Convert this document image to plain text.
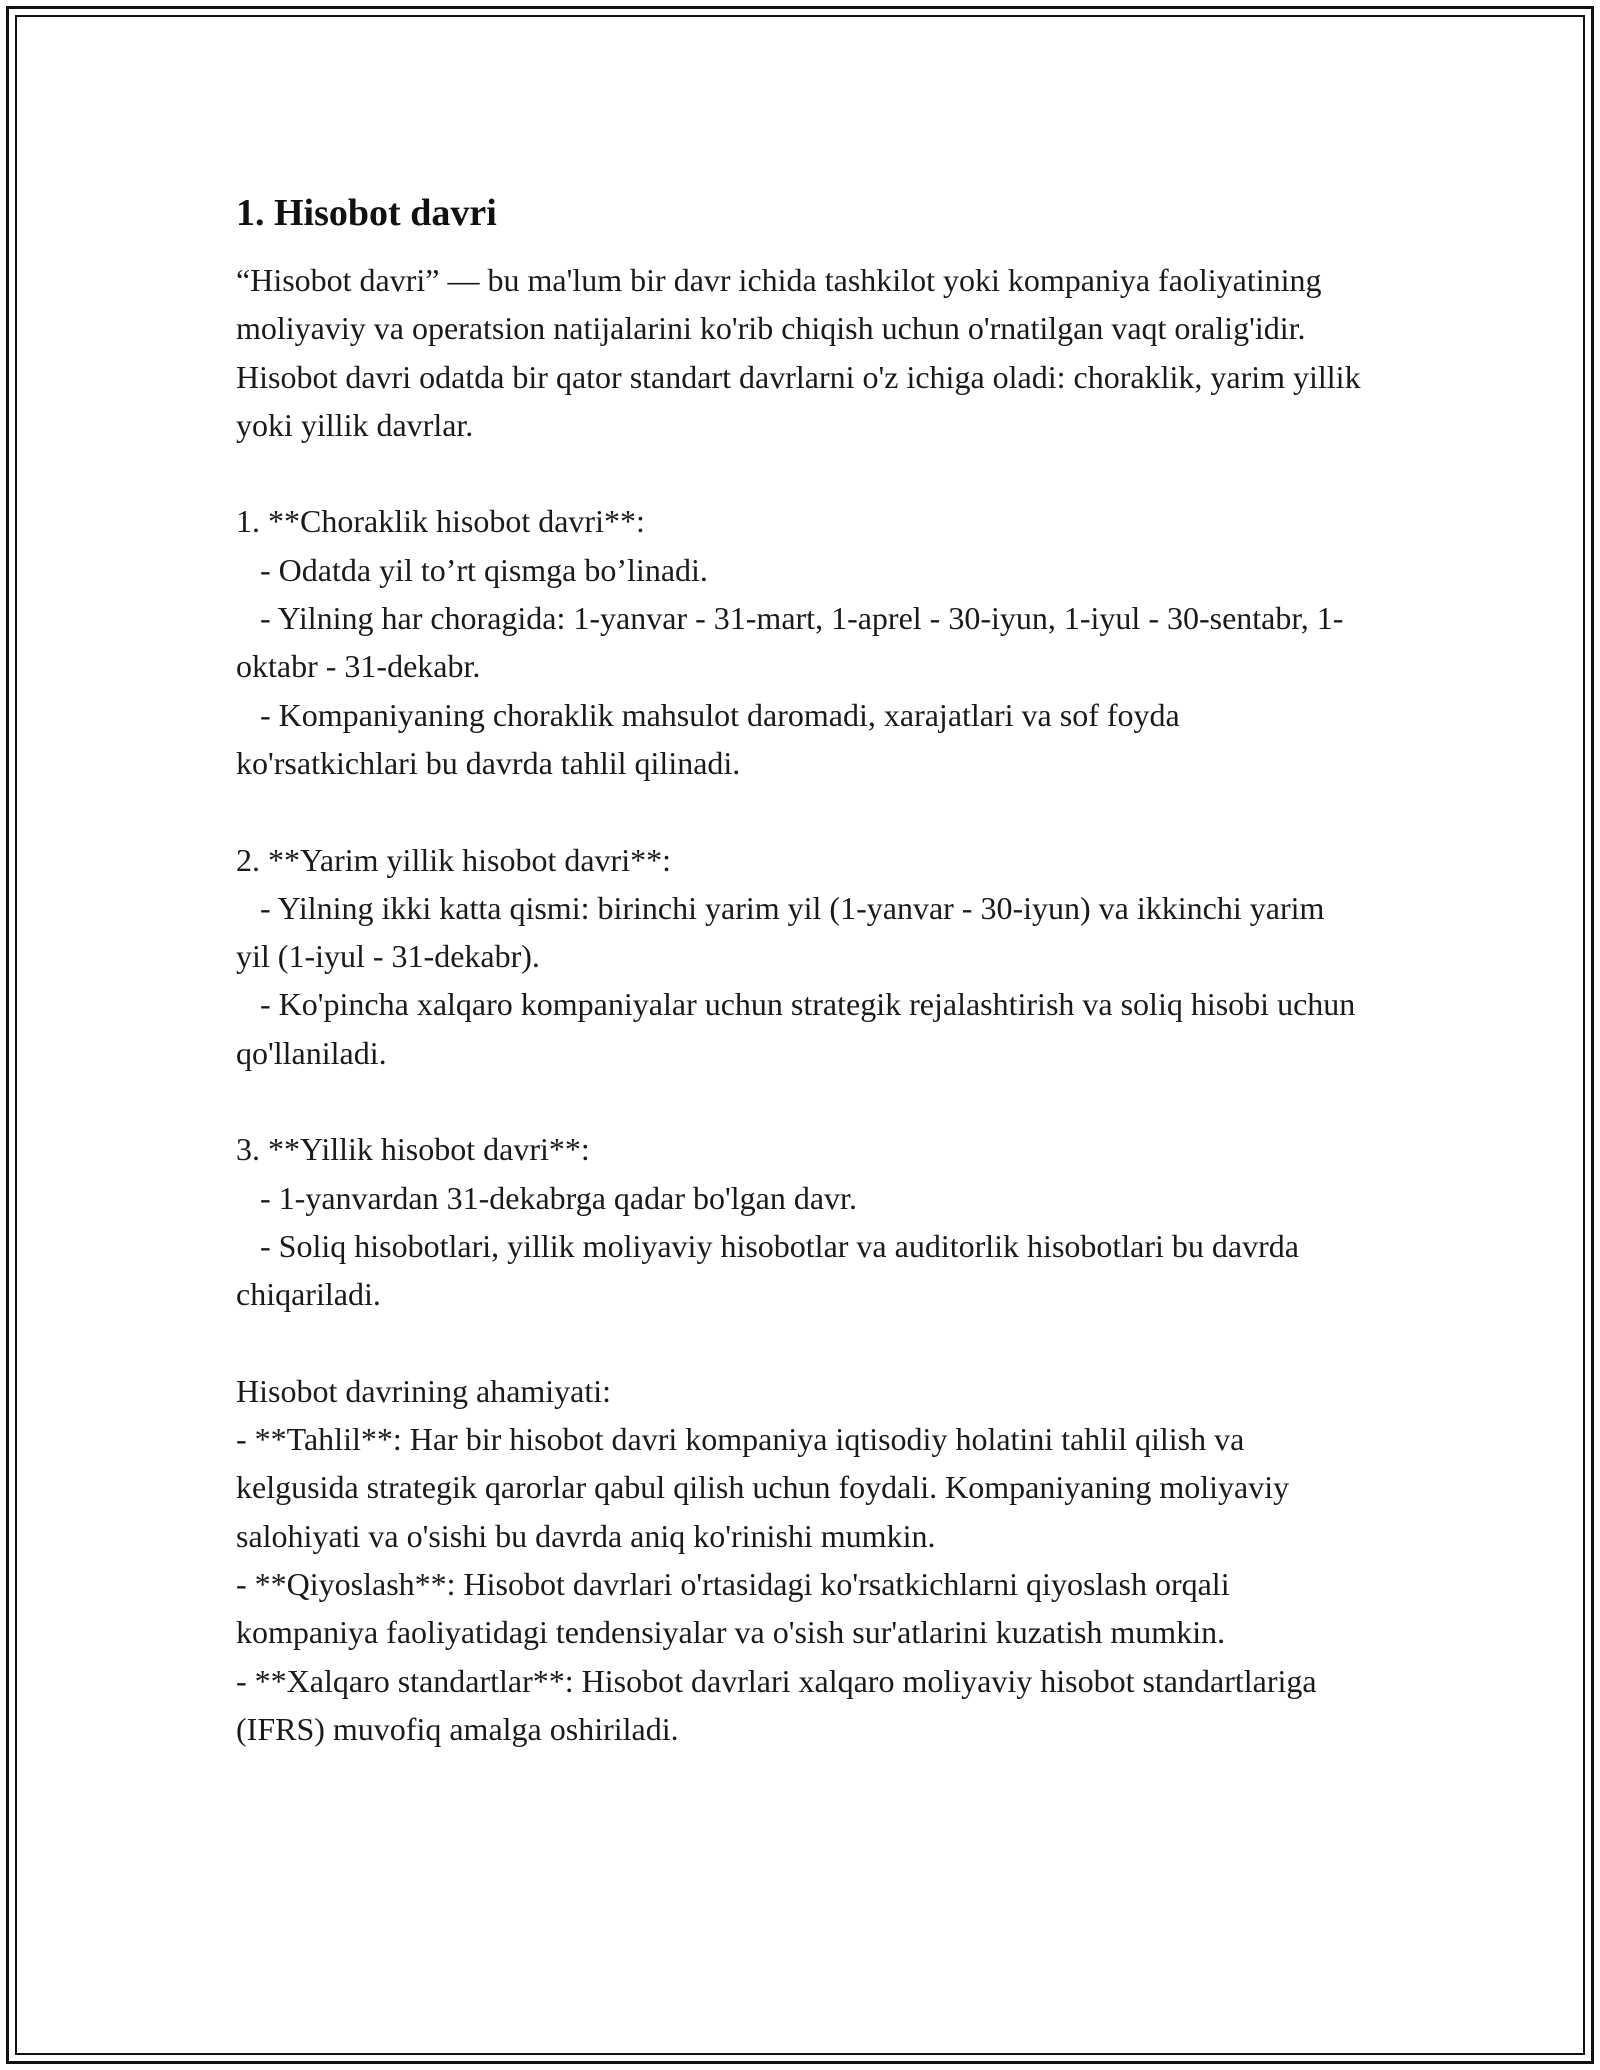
1. Hisobot davri

“Hisobot davri” — bu ma'lum bir davr ichida tashkilot yoki kompaniya faoliyatining moliyaviy va operatsion natijalarini ko'rib chiqish uchun o'rnatilgan vaqt oralig'idir. Hisobot davri odatda bir qator standart davrlarni o'z ichiga oladi: choraklik, yarim yillik yoki yillik davrlar.

1. **Choraklik hisobot davri**:

- Odatda yil to’rt qismga bo’linadi.

- Yilning har choragida: 1-yanvar - 31-mart, 1-aprel - 30-iyun, 1-iyul - 30-sentabr, 1-oktabr - 31-dekabr.

- Kompaniyaning choraklik mahsulot daromadi, xarajatlari va sof foyda ko'rsatkichlari bu davrda tahlil qilinadi.

2. **Yarim yillik hisobot davri**:

- Yilning ikki katta qismi: birinchi yarim yil (1-yanvar - 30-iyun) va ikkinchi yarim yil (1-iyul - 31-dekabr).

- Ko'pincha xalqaro kompaniyalar uchun strategik rejalashtirish va soliq hisobi uchun qo'llaniladi.

3. **Yillik hisobot davri**:

- 1-yanvardan 31-dekabrga qadar bo'lgan davr.

- Soliq hisobotlari, yillik moliyaviy hisobotlar va auditorlik hisobotlari bu davrda chiqariladi.

Hisobot davrining ahamiyati:

- **Tahlil**: Har bir hisobot davri kompaniya iqtisodiy holatini tahlil qilish va kelgusida strategik qarorlar qabul qilish uchun foydali. Kompaniyaning moliyaviy salohiyati va o'sishi bu davrda aniq ko'rinishi mumkin.

- **Qiyoslash**: Hisobot davrlari o'rtasidagi ko'rsatkichlarni qiyoslash orqali kompaniya faoliyatidagi tendensiyalar va o'sish sur'atlarini kuzatish mumkin.

- **Xalqaro standartlar**: Hisobot davrlari xalqaro moliyaviy hisobot standartlariga (IFRS) muvofiq amalga oshiriladi.
